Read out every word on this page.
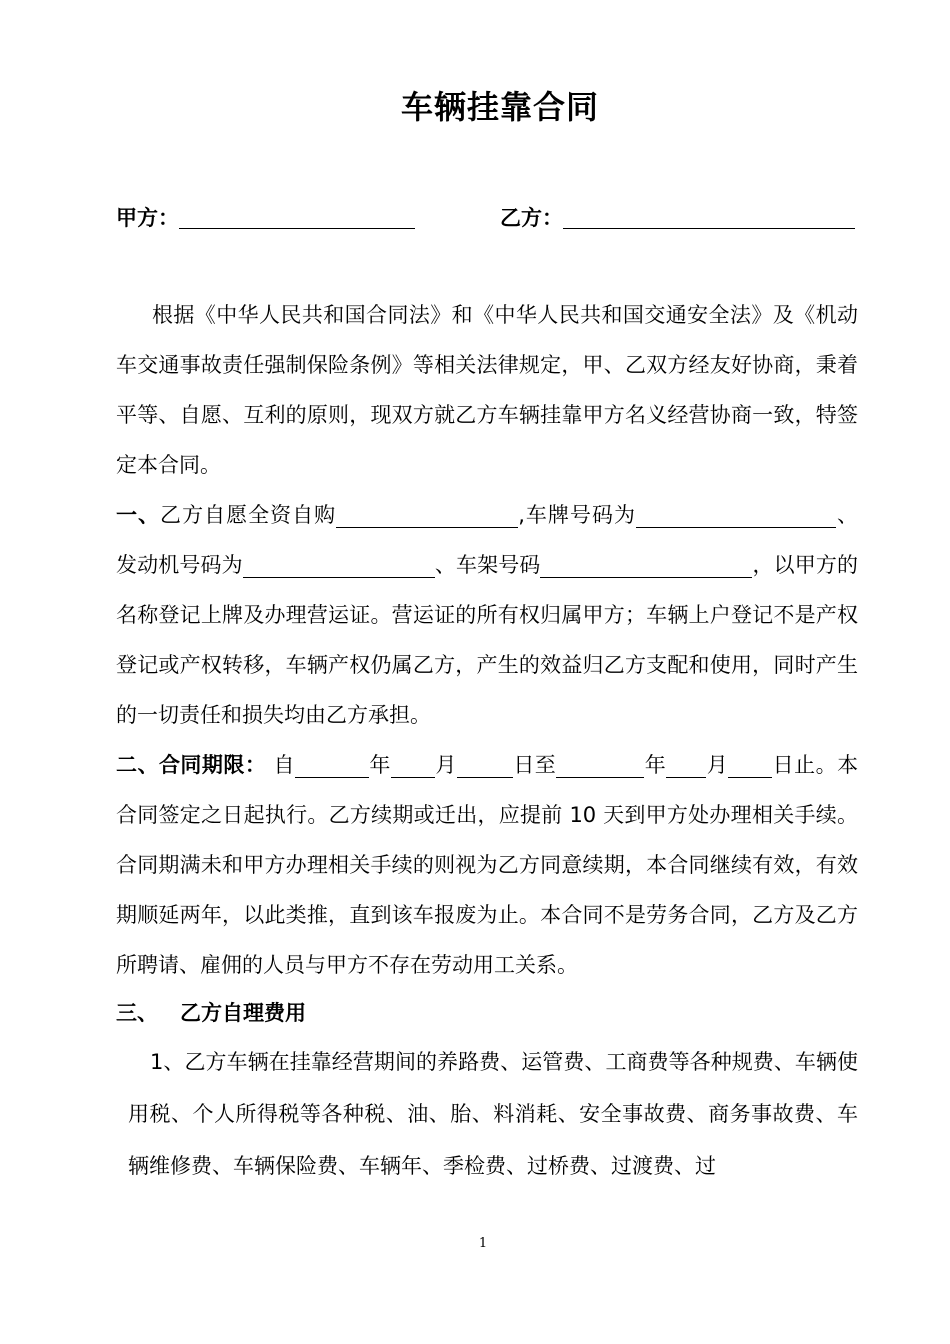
车辆挂靠合同
甲方：	乙方：

根据《中华人民共和国合同法》和《中华人民共和国交通安全法》及《机动车交通事故责任强制保险条例》等相关法律规定，甲、乙双方经友好协商，秉着平等、自愿、互利的原则，现双方就乙方车辆挂靠甲方名义经营协商一致，特签定本合同。

一、乙方自愿全资自购	,车牌号码为	、发动机号码为	、车架号码	，以甲方的名称登记上牌及办理营运证。营运证的所有权归属甲方；车辆上户登记不是产权登记或产权转移，车辆产权仍属乙方，产生的效益归乙方支配和使用，同时产生的一切责任和损失均由乙方承担。

二、合同期限： 自	年 月	日至	年 月 日止。本合同签定之日起执行。乙方续期或迁出，应提前 10 天到甲方处办理相关手续。合同期满未和甲方办理相关手续的则视为乙方同意续期，本合同继续有效，有效期顺延两年，以此类推，直到该车报废为止。本合同不是劳务合同，乙方及乙方所聘请、雇佣的人员与甲方不存在劳动用工关系。

三、 乙方自理费用

1、乙方车辆在挂靠经营期间的养路费、运管费、工商费等各种规费、车辆使用税、个人所得税等各种税、油、胎、料消耗、安全事故费、商务事故费、车辆维修费、车辆保险费、车辆年、季检费、过桥费、过渡费、过

1
